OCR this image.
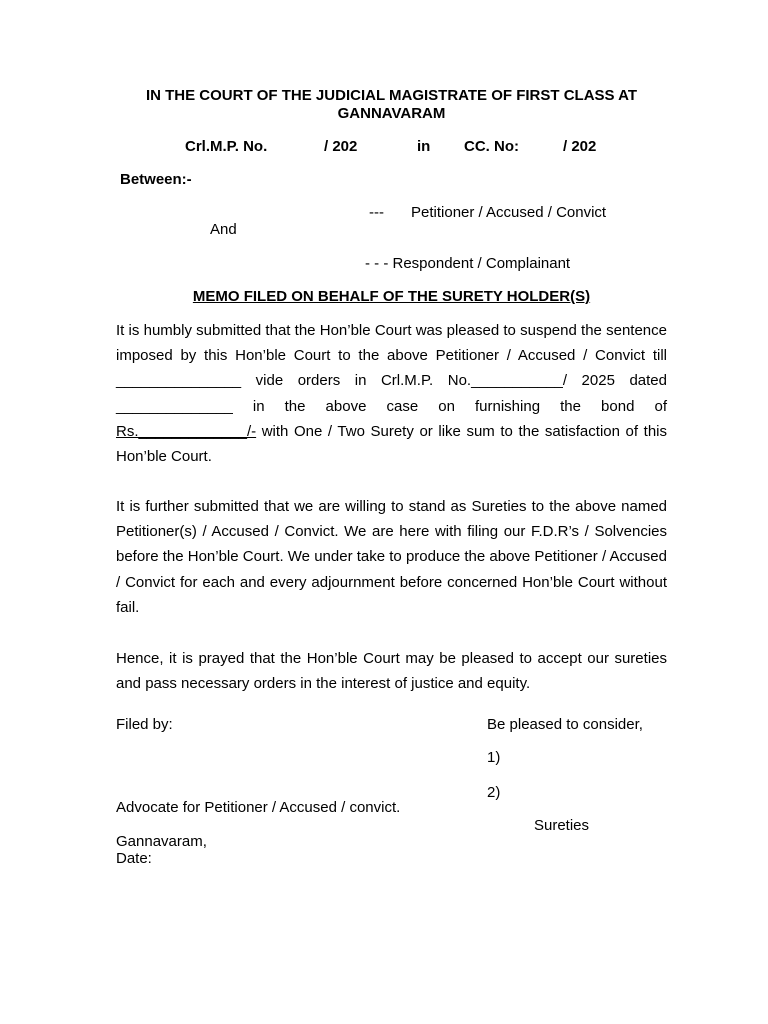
IN THE COURT OF THE JUDICIAL MAGISTRATE OF FIRST CLASS AT GANNAVARAM
Crl.M.P. No.	/ 202	in CC. No:	/ 202
Between:-
--- Petitioner / Accused / Convict
And
- - - Respondent / Complainant
MEMO FILED ON BEHALF OF THE SURETY HOLDER(S)
It is humbly submitted that the Hon’ble Court was pleased to suspend the sentence imposed by this Hon’ble Court to the above Petitioner / Accused / Convict till _______________ vide orders in Crl.M.P. No.___________/ 2025 dated ______________ in the above case on furnishing the bond of Rs._____________/- with One / Two Surety or like sum to the satisfaction of this Hon’ble Court.
It is further submitted that we are willing to stand as Sureties to the above named Petitioner(s) / Accused / Convict. We are here with filing our F.D.R’s / Solvencies before the Hon’ble Court. We under take to produce the above Petitioner / Accused / Convict for each and every adjournment before concerned Hon’ble Court without fail.
Hence, it is prayed that the Hon’ble Court may be pleased to accept our sureties and pass necessary orders in the interest of justice and equity.
Filed by:	Be pleased to consider,
1)
2)
Advocate for Petitioner / Accused / convict.
Sureties
Gannavaram,
Date:
